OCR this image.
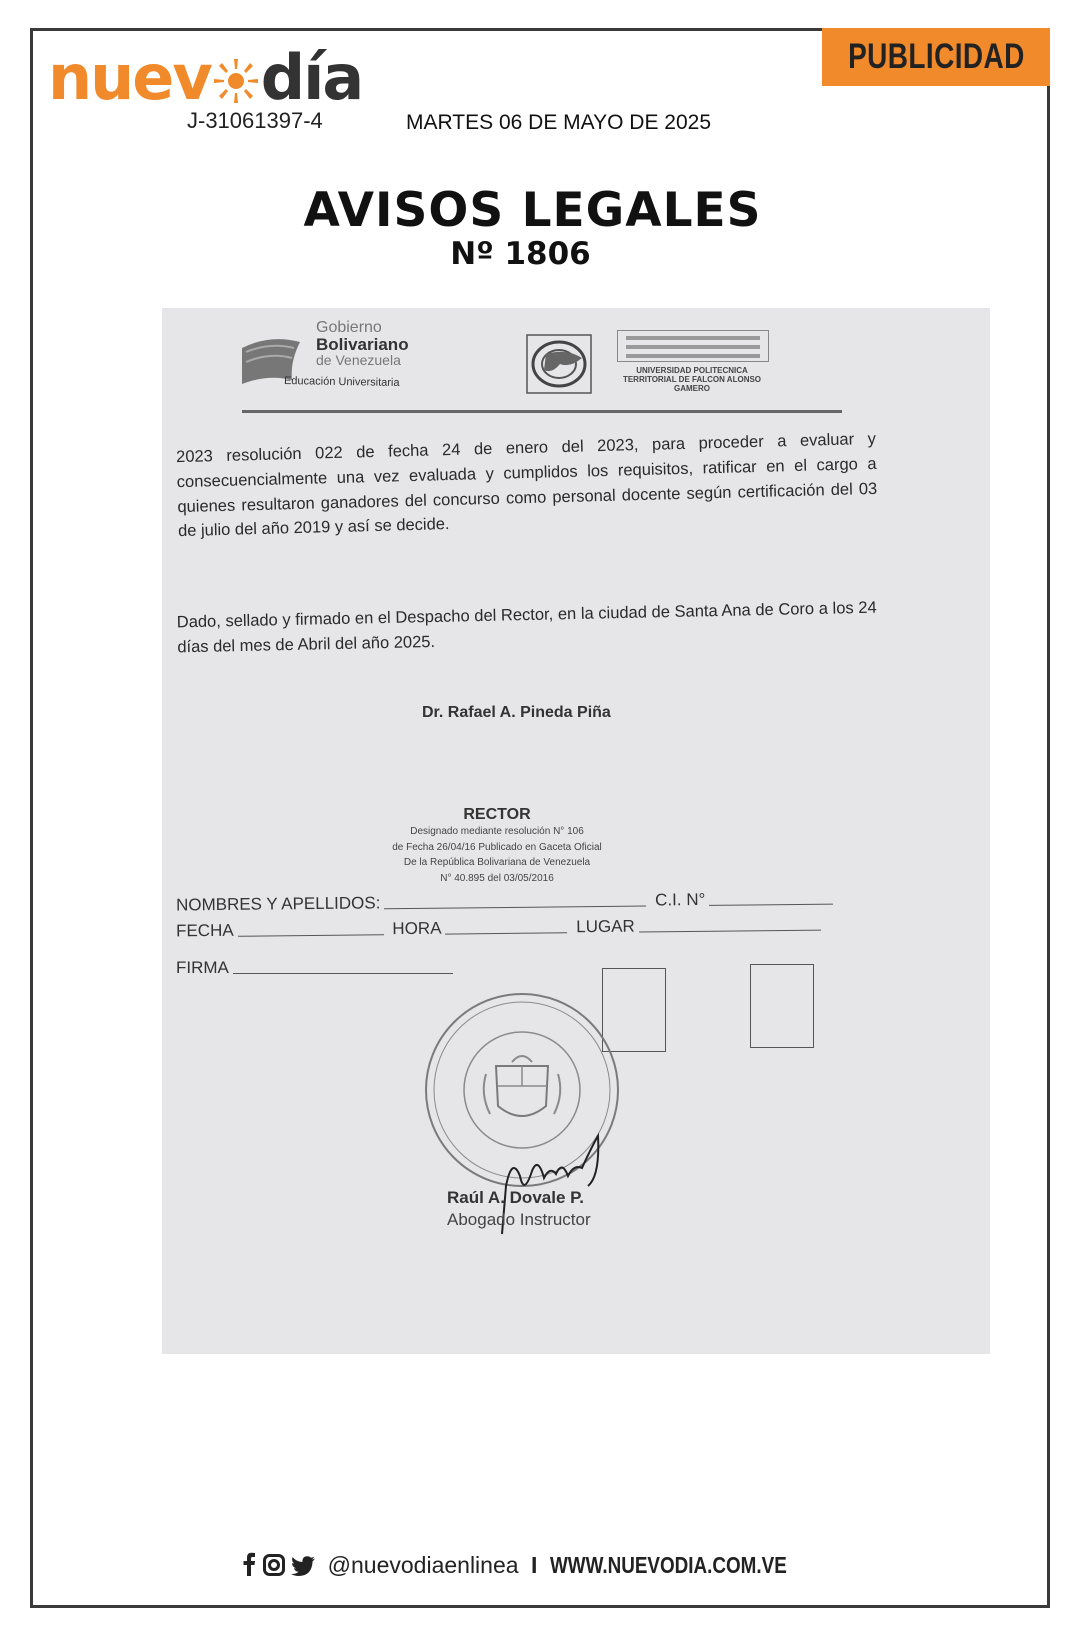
PUBLICIDAD
nuev día
J-31061397-4	MARTES 06 DE MAYO DE 2025
AVISOS LEGALES
Nº 1806
Gobierno
Bolivariano
de Venezuela
Educación Universitaria
UNIVERSIDAD POLITECNICA TERRITORIAL DE FALCON ALONSO GAMERO
2023 resolución 022 de fecha 24 de enero del 2023, para proceder a evaluar y consecuencialmente una vez evaluada y cumplidos los requisitos, ratificar en el cargo a quienes resultaron ganadores del concurso como personal docente según certificación del 03 de julio del año 2019 y así se decide.
Dado, sellado y firmado en el Despacho del Rector, en la ciudad de Santa Ana de Coro a los 24 días del mes de Abril del año 2025.
Dr. Rafael A. Pineda Piña
RECTOR
Designado mediante resolución N° 106
de Fecha 26/04/16 Publicado en Gaceta Oficial
De la República Bolivariana de Venezuela
N° 40.895 del 03/05/2016
NOMBRES Y APELLIDOS:	C.I. N°
FECHA	HORA	LUGAR
FIRMA
Raúl A. Dovale P.
Abogado Instructor
@nuevodiaenlinea I WWW.NUEVODIA.COM.VE
